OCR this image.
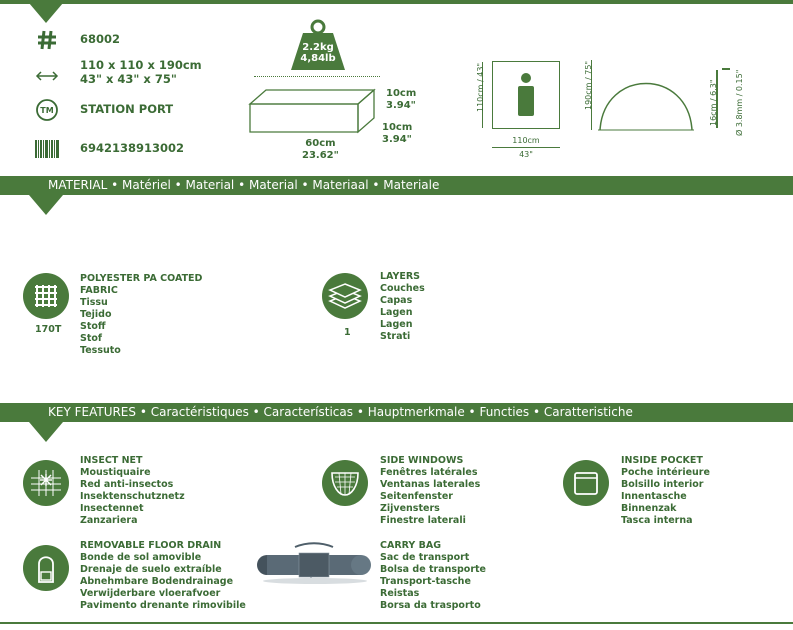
68002
110 x 110 x 190cm
43" x 43" x 75"
TM STATION PORT
6942138913002
2.2kg
4,84lb
10cm
3.94"
10cm
3.94"
60cm
23.62"
110cm / 43"
110cm
43"
190cm / 75"	16cm / 6.3" Ø 3.8mm / 0.15"
MATERIAL • Matériel • Material • Material • Materiaal • Materiale
170T
POLYESTER PA COATED
FABRIC
Tissu
Tejido
Stoff
Stof
Tessuto
1
LAYERS
Couches
Capas
Lagen
Lagen
Strati
KEY FEATURES • Caractéristiques • Características • Hauptmerkmale • Functies • Caratteristiche
INSECT NET
Moustiquaire
Red anti-insectos
Insektenschutznetz
Insectennet
Zanzariera
SIDE WINDOWS
Fenêtres latérales
Ventanas laterales
Seitenfenster
Zijvensters
Finestre laterali
INSIDE POCKET
Poche intérieure
Bolsillo interior
Innentasche
Binnenzak
Tasca interna
REMOVABLE FLOOR DRAIN
Bonde de sol amovible
Drenaje de suelo extraíble
Abnehmbare Bodendrainage
Verwijderbare vloerafvoer
Pavimento drenante rimovibile
CARRY BAG
Sac de transport
Bolsa de transporte
Transport-tasche
Reistas
Borsa da trasporto
